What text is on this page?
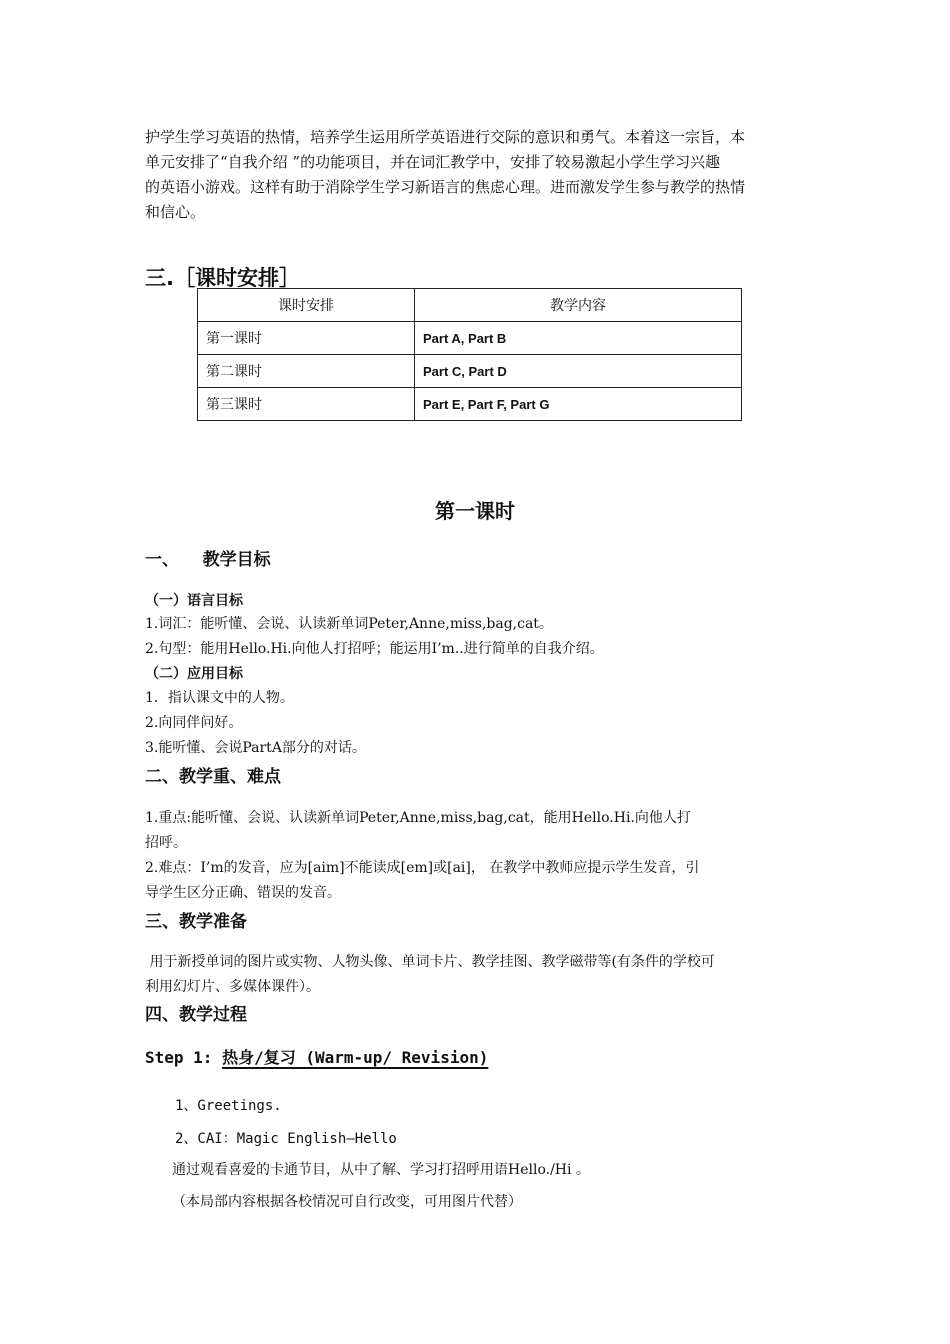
护学生学习英语的热情，培养学生运用所学英语进行交际的意识和勇气。本着这一宗旨，本
单元安排了“自我介绍 ”的功能项目，并在词汇教学中，安排了较易激起小学生学习兴趣
的英语小游戏。这样有助于消除学生学习新语言的焦虑心理。进而激发学生参与教学的热情
和信心。
三.［课时安排］
课时安排	教学内容
第一课时	Part A, Part B
第二课时	Part C, Part D
第三课时	Part E, Part F, Part G
第一课时
一、    教学目标
（一）语言目标
1.词汇：能听懂、会说、认读新单词Peter,Anne,miss,bag,cat。
2.句型：能用Hello.Hi.向他人打招呼；能运用I’m..进行简单的自我介绍。
（二）应用目标
1．指认课文中的人物。
2.向同伴问好。
3.能听懂、会说PartA部分的对话。
二、教学重、难点
1.重点:能听懂、会说、认读新单词Peter,Anne,miss,bag,cat，能用Hello.Hi.向他人打
招呼。
2.难点：I’m的发音，应为[aim]不能读成[em]或[ai]， 在教学中教师应提示学生发音，引
导学生区分正确、错误的发音。
三、教学准备
用于新授单词的图片或实物、人物头像、单词卡片、教学挂图、教学磁带等(有条件的学校可
利用幻灯片、多媒体课件）。
四、教学过程
Step 1: 热身/复习 (Warm-up/ Revision)
1、Greetings.
2、CAI：Magic English—Hello
通过观看喜爱的卡通节目，从中了解、学习打招呼用语Hello./Hi 。
（本局部内容根据各校情况可自行改变，可用图片代替）
